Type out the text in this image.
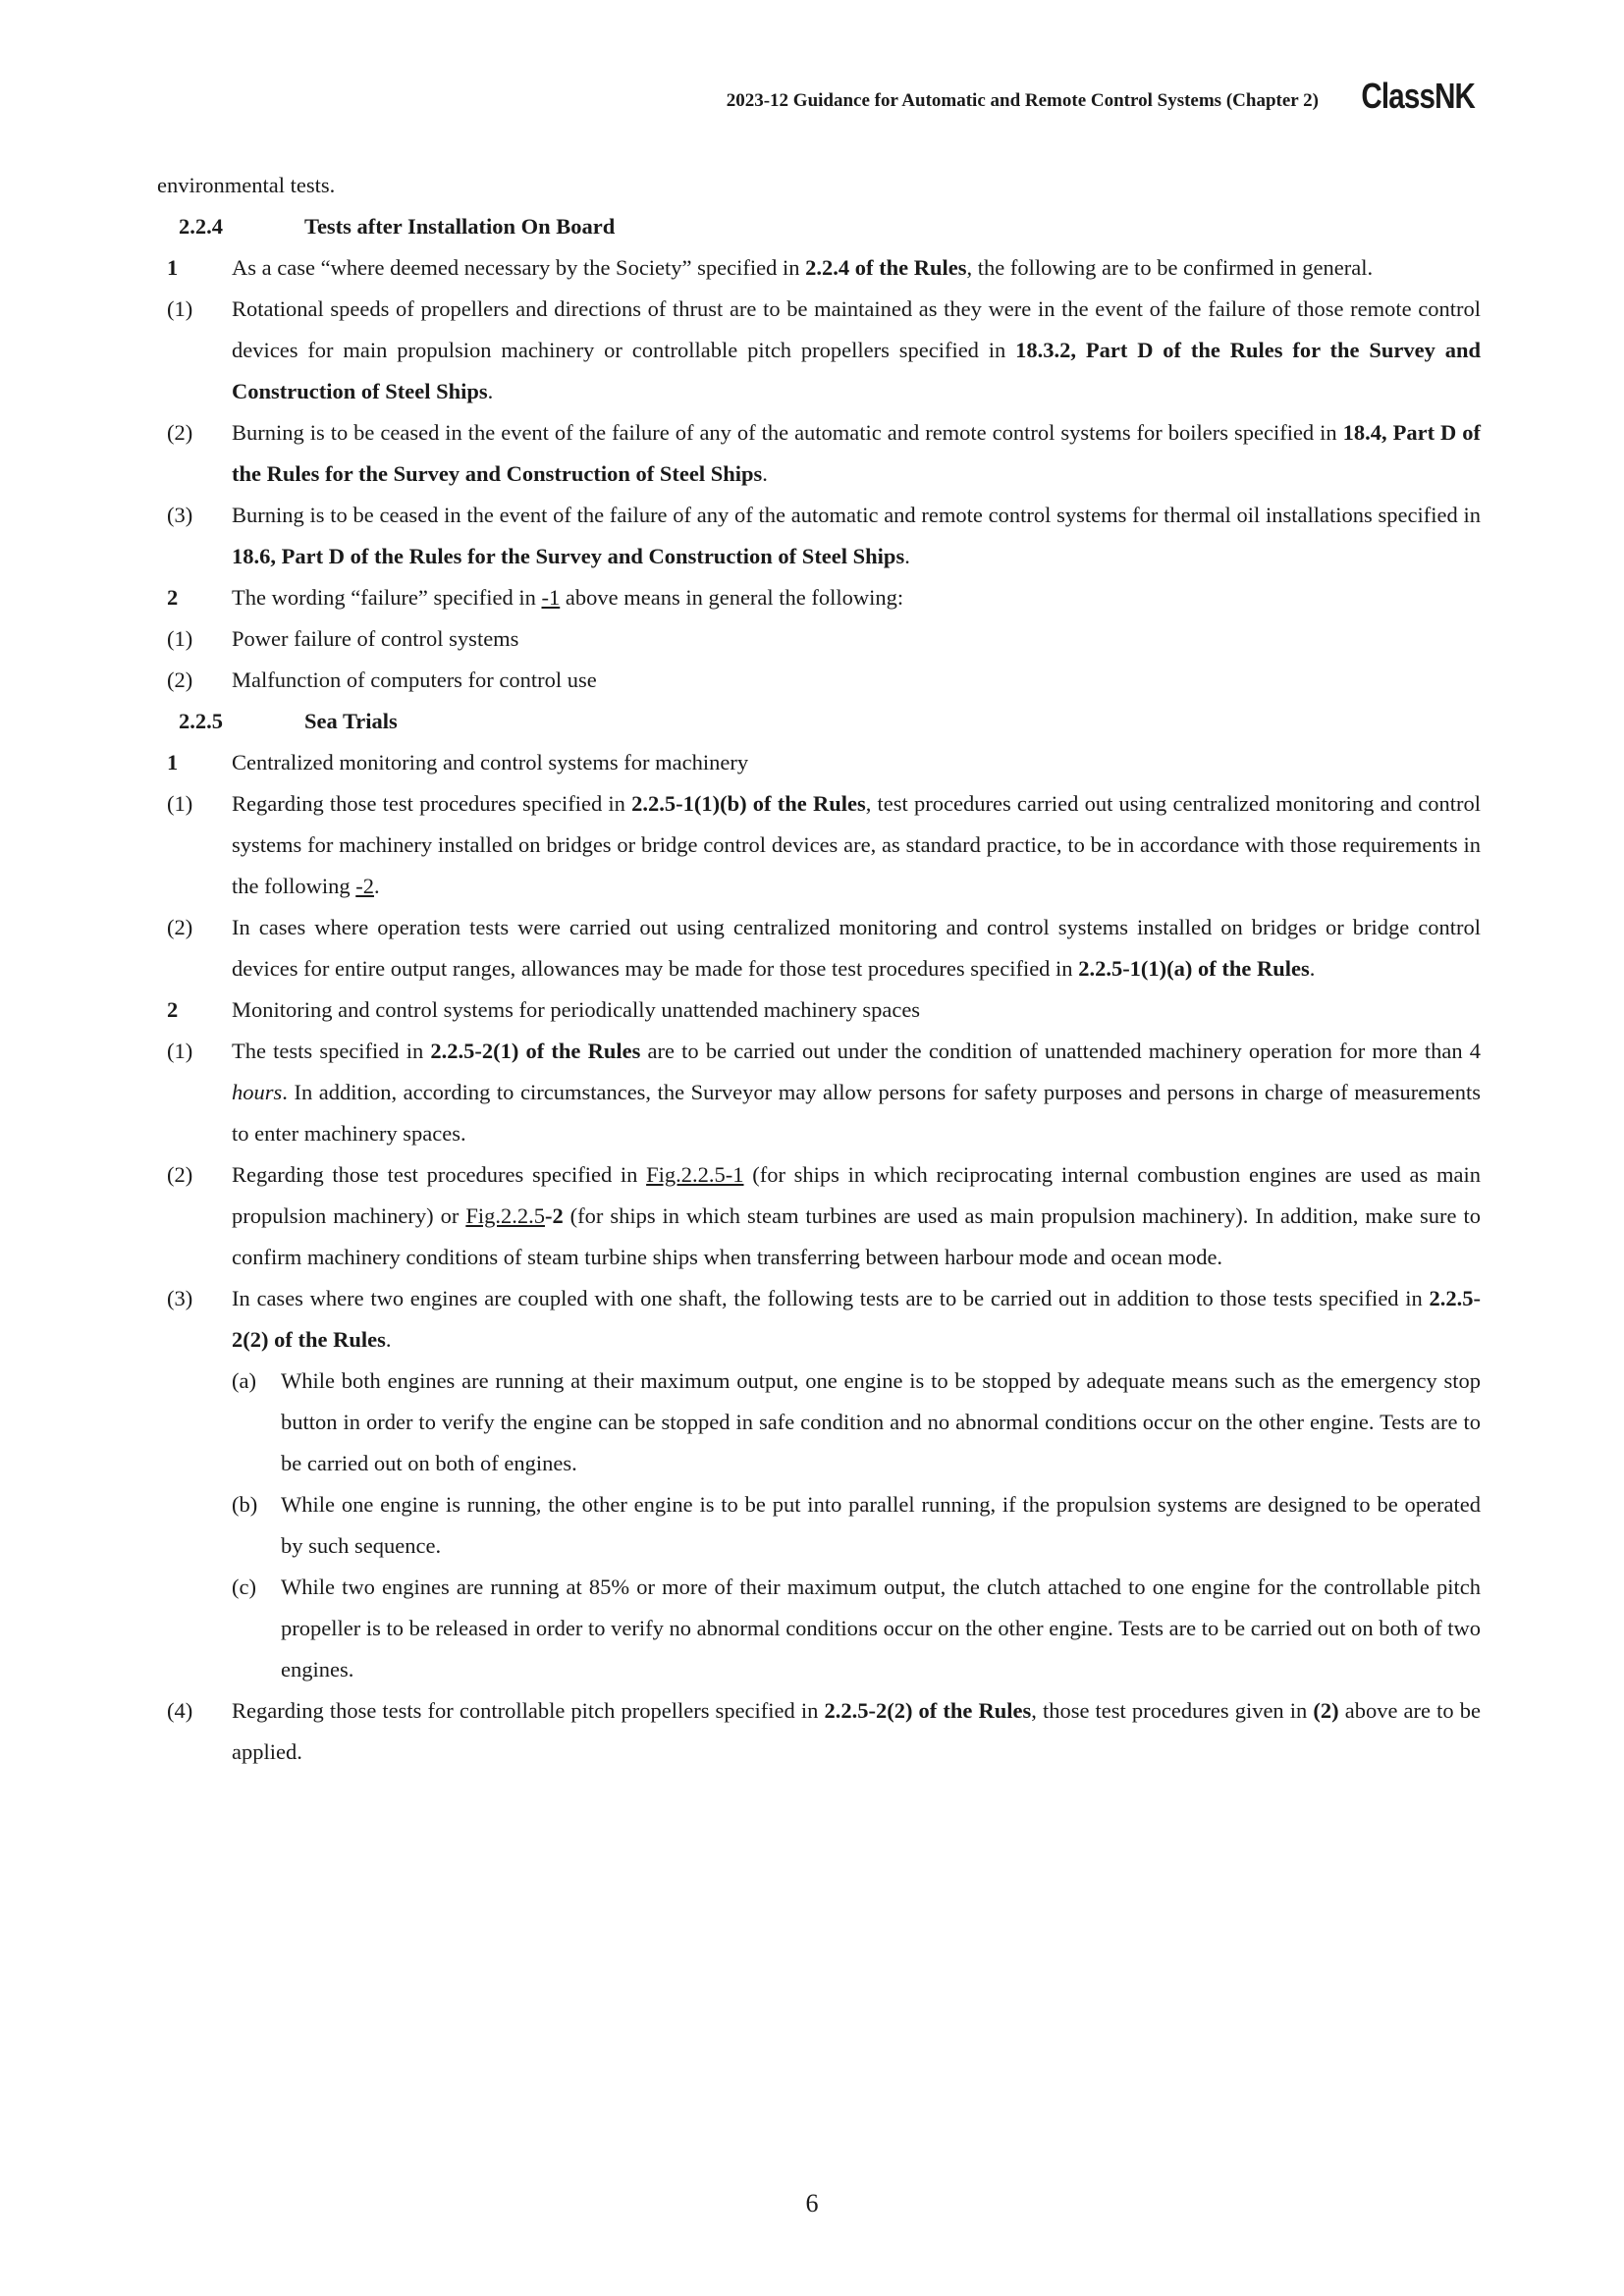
2023-12 Guidance for Automatic and Remote Control Systems (Chapter 2) ClassNK
environmental tests.
2.2.4	Tests after Installation On Board
1 As a case “where deemed necessary by the Society” specified in 2.2.4 of the Rules, the following are to be confirmed in general.
(1) Rotational speeds of propellers and directions of thrust are to be maintained as they were in the event of the failure of those remote control devices for main propulsion machinery or controllable pitch propellers specified in 18.3.2, Part D of the Rules for the Survey and Construction of Steel Ships.
(2) Burning is to be ceased in the event of the failure of any of the automatic and remote control systems for boilers specified in 18.4, Part D of the Rules for the Survey and Construction of Steel Ships.
(3) Burning is to be ceased in the event of the failure of any of the automatic and remote control systems for thermal oil installations specified in 18.6, Part D of the Rules for the Survey and Construction of Steel Ships.
2 The wording “failure” specified in -1 above means in general the following:
(1) Power failure of control systems
(2) Malfunction of computers for control use
2.2.5	Sea Trials
1 Centralized monitoring and control systems for machinery
(1) Regarding those test procedures specified in 2.2.5-1(1)(b) of the Rules, test procedures carried out using centralized monitoring and control systems for machinery installed on bridges or bridge control devices are, as standard practice, to be in accordance with those requirements in the following -2.
(2) In cases where operation tests were carried out using centralized monitoring and control systems installed on bridges or bridge control devices for entire output ranges, allowances may be made for those test procedures specified in 2.2.5-1(1)(a) of the Rules.
2 Monitoring and control systems for periodically unattended machinery spaces
(1) The tests specified in 2.2.5-2(1) of the Rules are to be carried out under the condition of unattended machinery operation for more than 4 hours. In addition, according to circumstances, the Surveyor may allow persons for safety purposes and persons in charge of measurements to enter machinery spaces.
(2) Regarding those test procedures specified in Fig.2.2.5-1 (for ships in which reciprocating internal combustion engines are used as main propulsion machinery) or Fig.2.2.5-2 (for ships in which steam turbines are used as main propulsion machinery). In addition, make sure to confirm machinery conditions of steam turbine ships when transferring between harbour mode and ocean mode.
(3) In cases where two engines are coupled with one shaft, the following tests are to be carried out in addition to those tests specified in 2.2.5-2(2) of the Rules.
(a) While both engines are running at their maximum output, one engine is to be stopped by adequate means such as the emergency stop button in order to verify the engine can be stopped in safe condition and no abnormal conditions occur on the other engine. Tests are to be carried out on both of engines.
(b) While one engine is running, the other engine is to be put into parallel running, if the propulsion systems are designed to be operated by such sequence.
(c) While two engines are running at 85% or more of their maximum output, the clutch attached to one engine for the controllable pitch propeller is to be released in order to verify no abnormal conditions occur on the other engine. Tests are to be carried out on both of two engines.
(4) Regarding those tests for controllable pitch propellers specified in 2.2.5-2(2) of the Rules, those test procedures given in (2) above are to be applied.
6
